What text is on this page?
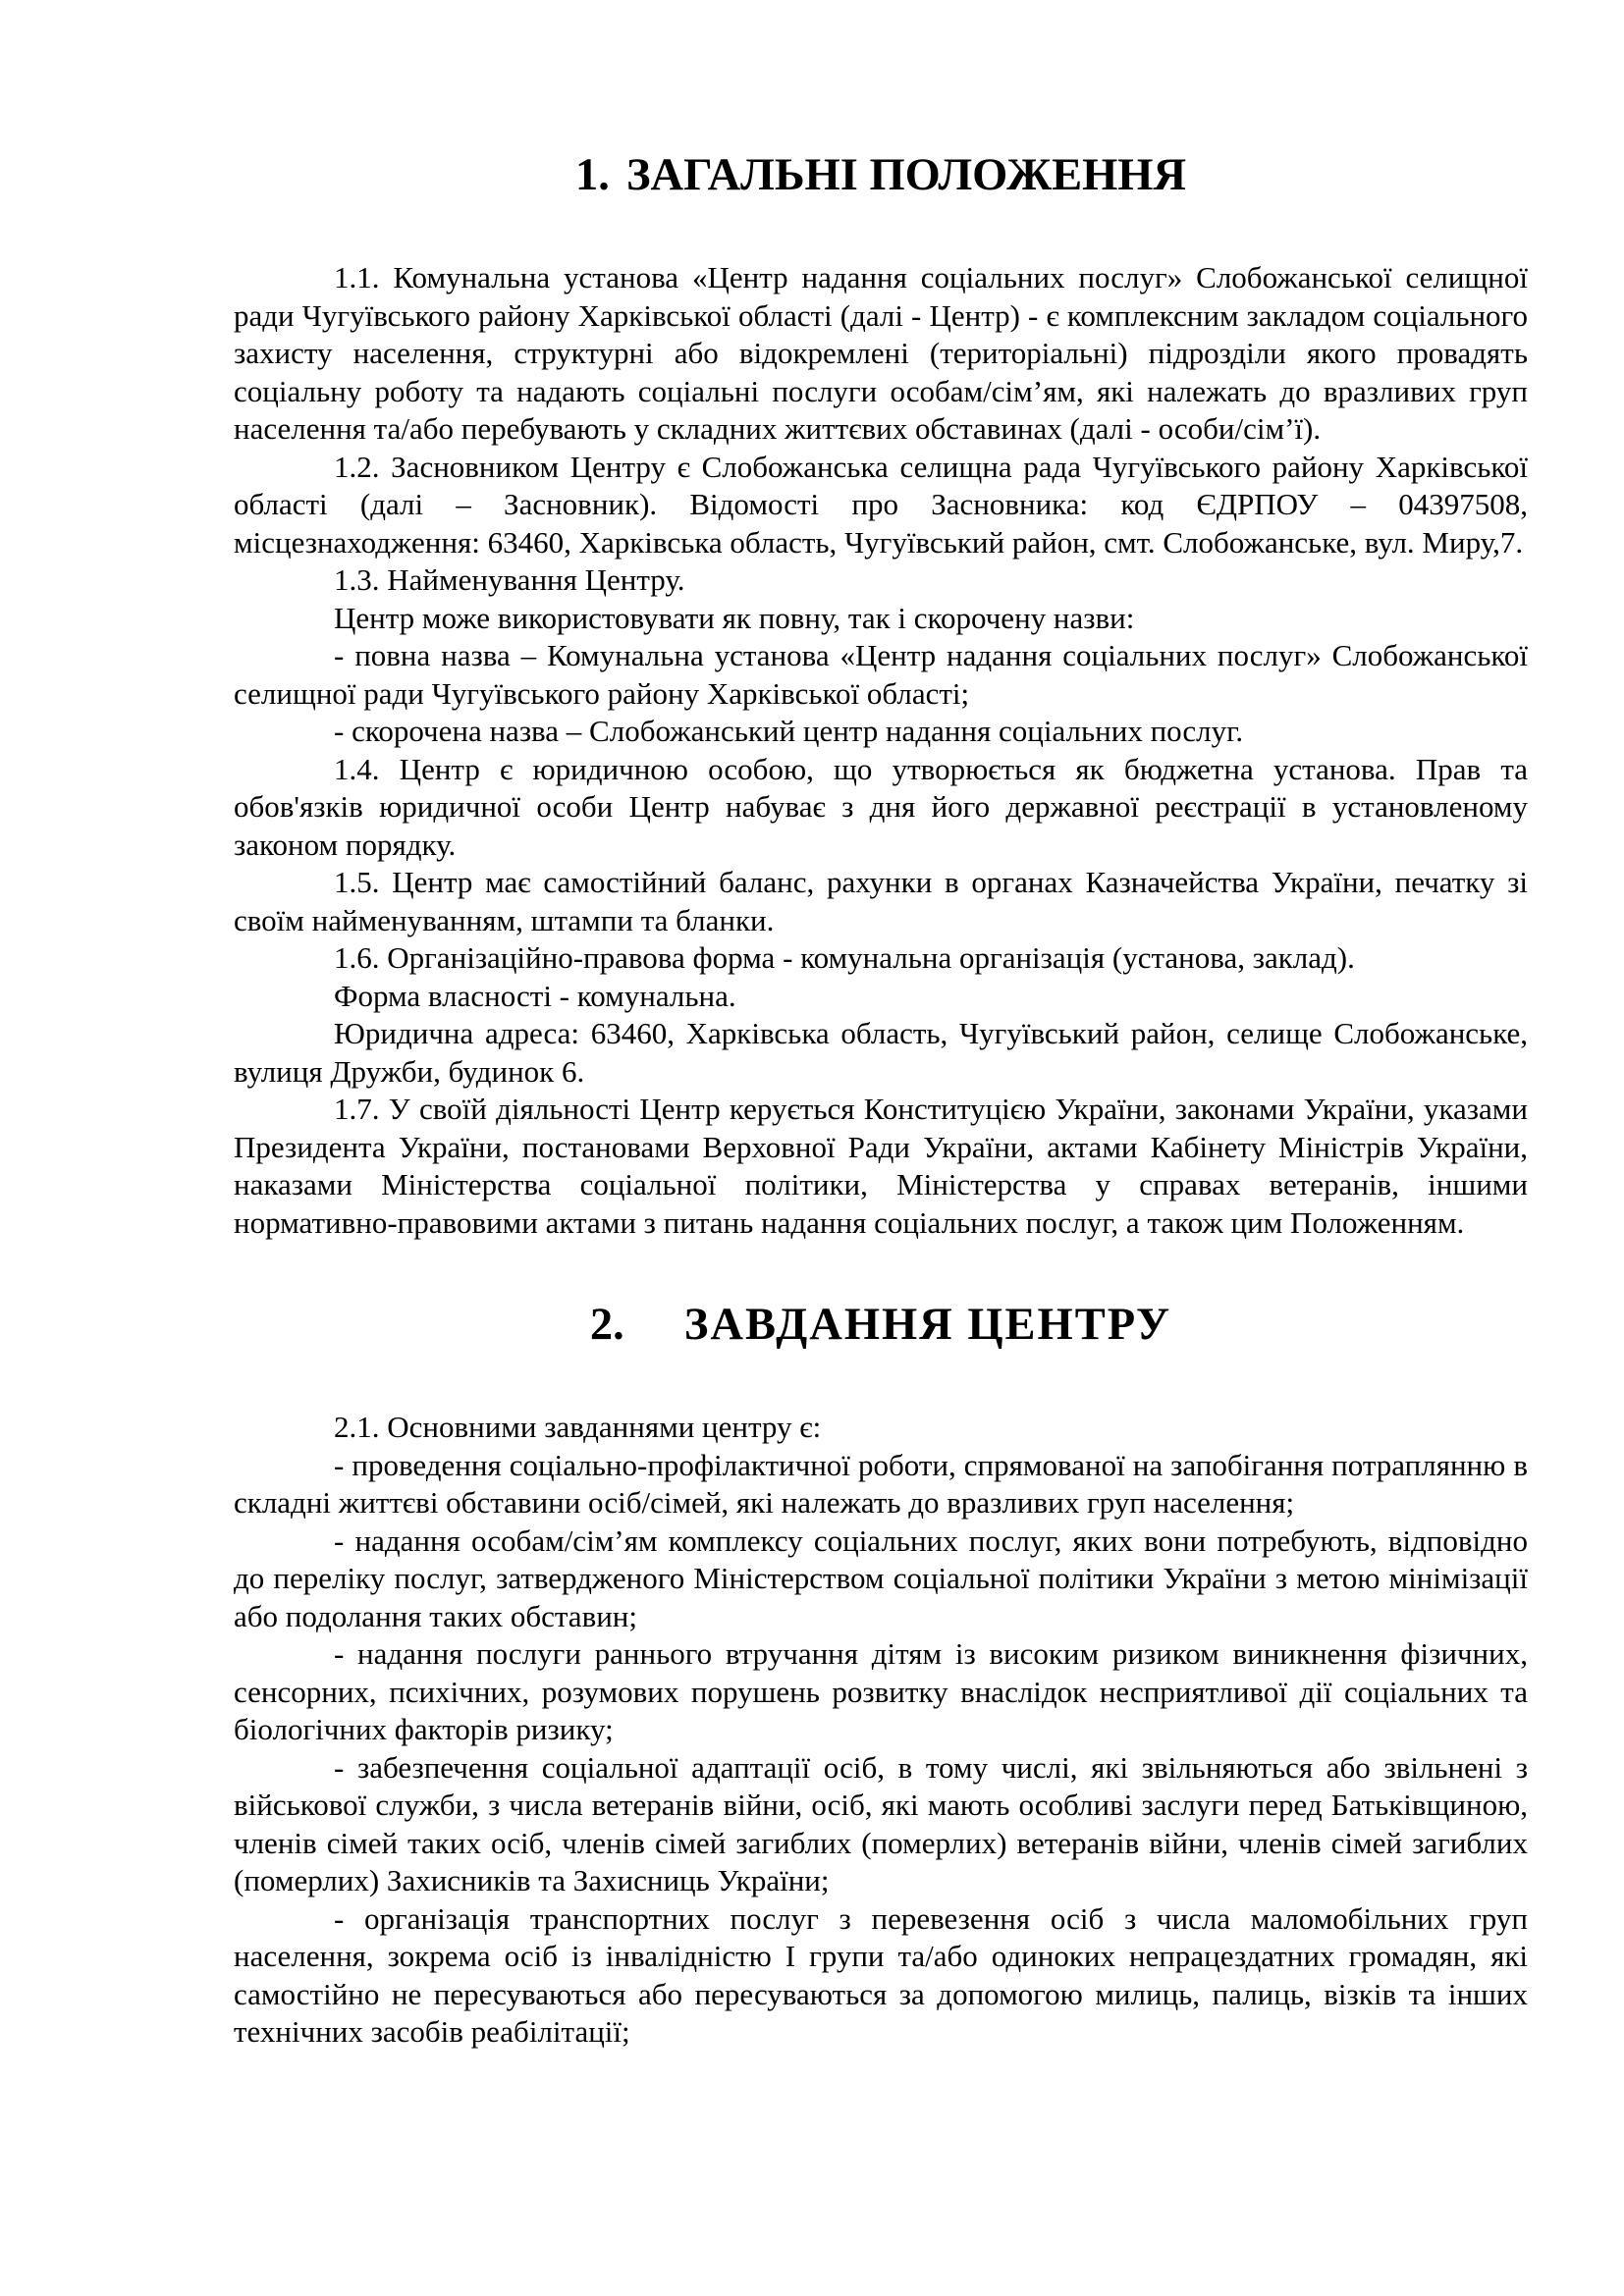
1. ЗАГАЛЬНІ ПОЛОЖЕННЯ

1.1. Комунальна установа «Центр надання соціальних послуг» Слобожанської селищної ради Чугуївського району Харківської області (далі - Центр) - є комплексним закладом соціального захисту населення, структурні або відокремлені (територіальні) підрозділи якого провадять соціальну роботу та надають соціальні послуги особам/сім’ям, які належать до вразливих груп населення та/або перебувають у складних життєвих обставинах (далі - особи/сім’ї).

1.2. Засновником Центру є Слобожанська селищна рада Чугуївського району Харківської області (далі – Засновник). Відомості про Засновника: код ЄДРПОУ – 04397508, місцезнаходження: 63460, Харківська область, Чугуївський район, смт. Слобожанське, вул. Миру,7.

1.3. Найменування Центру.

Центр може використовувати як повну, так і скорочену назви:

- повна назва – Комунальна установа «Центр надання соціальних послуг» Слобожанської селищної ради Чугуївського району Харківської області;

- скорочена назва – Слобожанський центр надання соціальних послуг.

1.4. Центр є юридичною особою, що утворюється як бюджетна установа. Прав та обов'язків юридичної особи Центр набуває з дня його державної реєстрації в установленому законом порядку.

1.5. Центр має самостійний баланс, рахунки в органах Казначейства України, печатку зі своїм найменуванням, штампи та бланки.

1.6. Організаційно-правова форма - комунальна організація (установа, заклад).

Форма власності - комунальна.

Юридична адреса: 63460, Харківська область, Чугуївський район, селище Слобожанське, вулиця Дружби, будинок 6.

1.7. У своїй діяльності Центр керується Конституцією України, законами України, указами Президента України, постановами Верховної Ради України, актами Кабінету Міністрів України, наказами Міністерства соціальної політики, Міністерства у справах ветеранів, іншими нормативно-правовими актами з питань надання соціальних послуг, а також цим Положенням.

2. ЗАВДАННЯ ЦЕНТРУ

2.1. Основними завданнями центру є:

- проведення соціально-профілактичної роботи, спрямованої на запобігання потраплянню в складні життєві обставини осіб/сімей, які належать до вразливих груп населення;

- надання особам/сім’ям комплексу соціальних послуг, яких вони потребують, відповідно до переліку послуг, затвердженого Міністерством соціальної політики України з метою мінімізації або подолання таких обставин;

- надання послуги раннього втручання дітям із високим ризиком виникнення фізичних, сенсорних, психічних, розумових порушень розвитку внаслідок несприятливої дії соціальних та біологічних факторів ризику;

- забезпечення соціальної адаптації осіб, в тому числі, які звільняються або звільнені з військової служби, з числа ветеранів війни, осіб, які мають особливі заслуги перед Батьківщиною, членів сімей таких осіб, членів сімей загиблих (померлих) ветеранів війни, членів сімей загиблих (померлих) Захисників та Захисниць України;

- організація транспортних послуг з перевезення осіб з числа маломобільних груп населення, зокрема осіб із інвалідністю І групи та/або одиноких непрацездатних громадян, які самостійно не пересуваються або пересуваються за допомогою милиць, палиць, візків та інших технічних засобів реабілітації;
